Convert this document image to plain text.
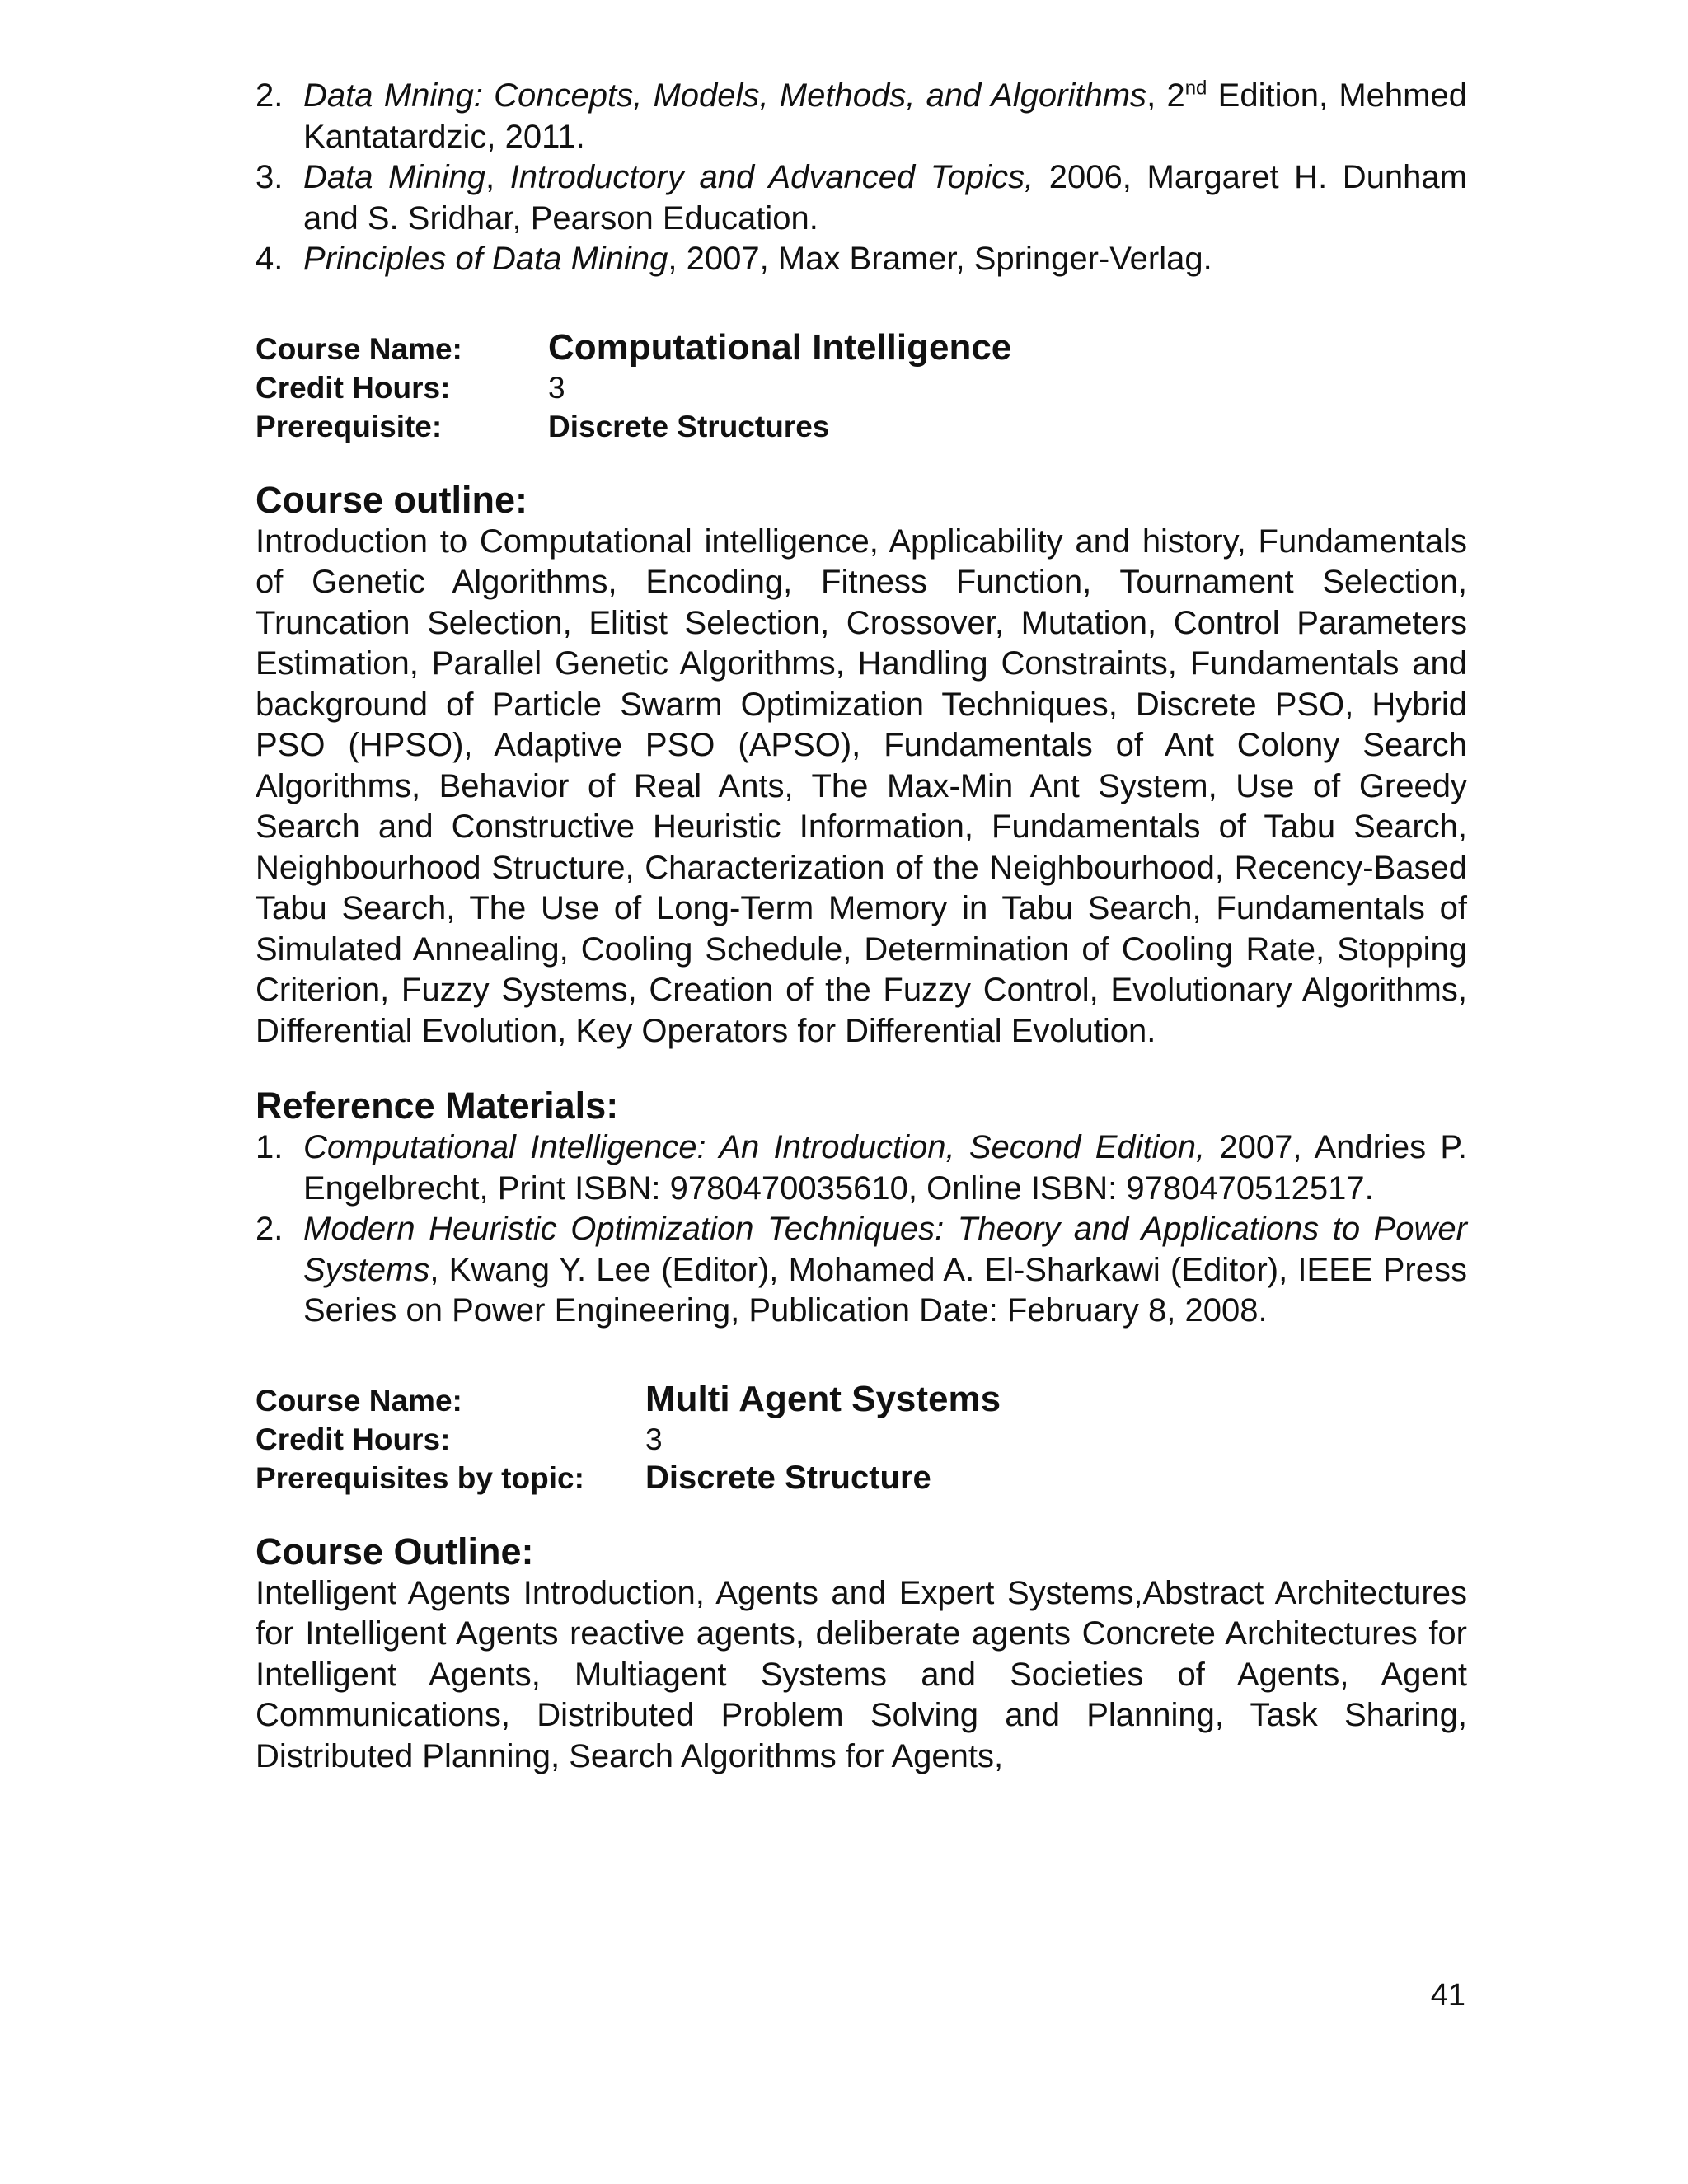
2. Data Mning: Concepts, Models, Methods, and Algorithms, 2nd Edition, Mehmed Kantatardzic, 2011.
3. Data Mining, Introductory and Advanced Topics, 2006, Margaret H. Dunham and S. Sridhar, Pearson Education.
4. Principles of Data Mining, 2007, Max Bramer, Springer-Verlag.
Course Name:	Computational Intelligence
Credit Hours:	3
Prerequisite:	Discrete Structures
Course outline:
Introduction to Computational intelligence, Applicability and history, Fundamentals of Genetic Algorithms, Encoding, Fitness Function, Tournament Selection, Truncation Selection, Elitist Selection, Crossover, Mutation, Control Parameters Estimation, Parallel Genetic Algorithms, Handling Constraints, Fundamentals and background of Particle Swarm Optimization Techniques, Discrete PSO, Hybrid PSO (HPSO), Adaptive PSO (APSO), Fundamentals of Ant Colony Search Algorithms, Behavior of Real Ants, The Max-Min Ant System, Use of Greedy Search and Constructive Heuristic Information, Fundamentals of Tabu Search, Neighbourhood Structure, Characterization of the Neighbourhood, Recency-Based Tabu Search, The Use of Long-Term Memory in Tabu Search, Fundamentals of Simulated Annealing, Cooling Schedule, Determination of Cooling Rate, Stopping Criterion, Fuzzy Systems, Creation of the Fuzzy Control, Evolutionary Algorithms, Differential Evolution, Key Operators for Differential Evolution.
Reference Materials:
1. Computational Intelligence: An Introduction, Second Edition, 2007, Andries P. Engelbrecht, Print ISBN: 9780470035610, Online ISBN: 9780470512517.
2. Modern Heuristic Optimization Techniques: Theory and Applications to Power Systems, Kwang Y. Lee (Editor), Mohamed A. El-Sharkawi (Editor), IEEE Press Series on Power Engineering, Publication Date: February 8, 2008.
Course Name:	Multi Agent Systems
Credit Hours:	3
Prerequisites by topic:	Discrete Structure
Course Outline:
Intelligent Agents Introduction, Agents and Expert Systems,Abstract Architectures for Intelligent Agents reactive agents, deliberate agents Concrete Architectures for Intelligent Agents, Multiagent Systems and Societies of Agents, Agent Communications, Distributed Problem Solving and Planning, Task Sharing, Distributed Planning, Search Algorithms for Agents,
41
